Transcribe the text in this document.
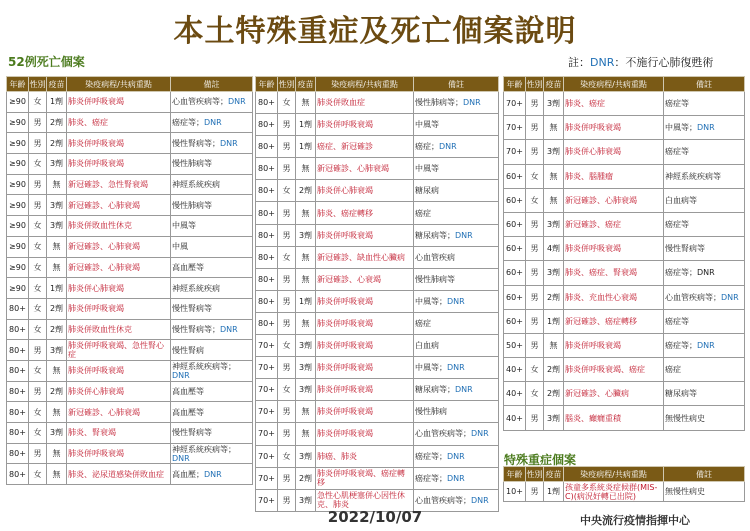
本土特殊重症及死亡個案說明
52例死亡個案	註：DNR：不施行心肺復甦術
年齡	性別	疫苗	染疫病程/共病重點	備註
≥90	女	1劑	肺炎併呼吸衰竭	心血管疾病等；DNR
≥90	男	2劑	肺炎、癌症	癌症等；DNR
≥90	男	2劑	肺炎併呼吸衰竭	慢性腎病等；DNR
≥90	女	3劑	肺炎併呼吸衰竭	慢性肺病等
≥90	男	無	新冠確診、急性腎衰竭	神經系統疾病
≥90	男	3劑	新冠確診、心肺衰竭	慢性肺病等
≥90	女	3劑	肺炎併敗血性休克	中風等
≥90	女	無	新冠確診、心肺衰竭	中風
≥90	女	無	新冠確診、心肺衰竭	高血壓等
≥90	女	1劑	肺炎併心肺衰竭	神經系統疾病
80+	女	2劑	肺炎併呼吸衰竭	慢性腎病等
80+	女	2劑	肺炎併敗血性休克	慢性腎病等；DNR
80+	男	3劑	肺炎併呼吸衰竭、急性腎心症	慢性腎病
80+	女	無	肺炎併呼吸衰竭	神經系統疾病等；DNR
80+	男	2劑	肺炎併心肺衰竭	高血壓等
80+	女	無	新冠確診、心肺衰竭	高血壓等
80+	女	3劑	肺炎、腎衰竭	慢性腎病等
80+	男	無	肺炎併呼吸衰竭	神經系統疾病等；DNR
80+	女	無	肺炎、泌尿道感染併敗血症	高血壓；DNR
年齡	性別	疫苗	染疫病程/共病重點	備註
80+	女	無	肺炎併敗血症	慢性肺病等；DNR
80+	男	1劑	肺炎併呼吸衰竭	中風等
80+	男	1劑	癌症、新冠確診	癌症；DNR
80+	男	無	新冠確診、心肺衰竭	中風等
80+	女	2劑	肺炎併心肺衰竭	糖尿病
80+	男	無	肺炎、癌症轉移	癌症
80+	男	3劑	肺炎併呼吸衰竭	糖尿病等；DNR
80+	女	無	新冠確診、缺血性心臟病	心血管疾病
80+	男	無	新冠確診、心衰竭	慢性肺病等
80+	男	1劑	肺炎併呼吸衰竭	中風等；DNR
80+	男	無	肺炎併呼吸衰竭	癌症
70+	女	3劑	肺炎併呼吸衰竭	白血病
70+	男	3劑	肺炎併呼吸衰竭	中風等；DNR
70+	女	3劑	肺炎併呼吸衰竭	糖尿病等；DNR
70+	男	無	肺炎併呼吸衰竭	慢性肺病
70+	男	無	肺炎併呼吸衰竭	心血管疾病等；DNR
70+	女	3劑	肺癌、肺炎	癌症等；DNR
70+	男	2劑	肺炎併呼吸衰竭、癌症轉移	癌症等；DNR
70+	男	3劑	急性心肌梗塞併心因性休克、肺炎	心血管疾病等；DNR
年齡	性別	疫苗	染疫病程/共病重點	備註
70+	男	3劑	肺炎、癌症	癌症等
70+	男	無	肺炎併呼吸衰竭	中風等；DNR
70+	男	3劑	肺炎併心肺衰竭	癌症等
60+	女	無	肺炎、腦腫瘤	神經系統疾病等
60+	女	無	新冠確診、心肺衰竭	白血病等
60+	男	3劑	新冠確診、癌症	癌症等
60+	男	4劑	肺炎併呼吸衰竭	慢性腎病等
60+	男	3劑	肺炎、癌症、腎衰竭	癌症等；DNR
60+	男	2劑	肺炎、充血性心衰竭	心血管疾病等；DNR
60+	男	1劑	新冠確診、癌症轉移	癌症等
50+	男	無	肺炎併呼吸衰竭	癌症等；DNR
40+	女	2劑	肺炎併呼吸衰竭、癌症	癌症
40+	女	2劑	新冠確診、心臟病	糖尿病等
40+	男	3劑	腦炎、癲癇重積	無慢性病史
特殊重症個案
年齡	性別	疫苗	染疫病程/共病重點	備註
10+	男	1劑	孩童多系統炎症候群(MIS-C)(病況好轉已出院)	無慢性病史
2022/10/07	中央流行疫情指揮中心
